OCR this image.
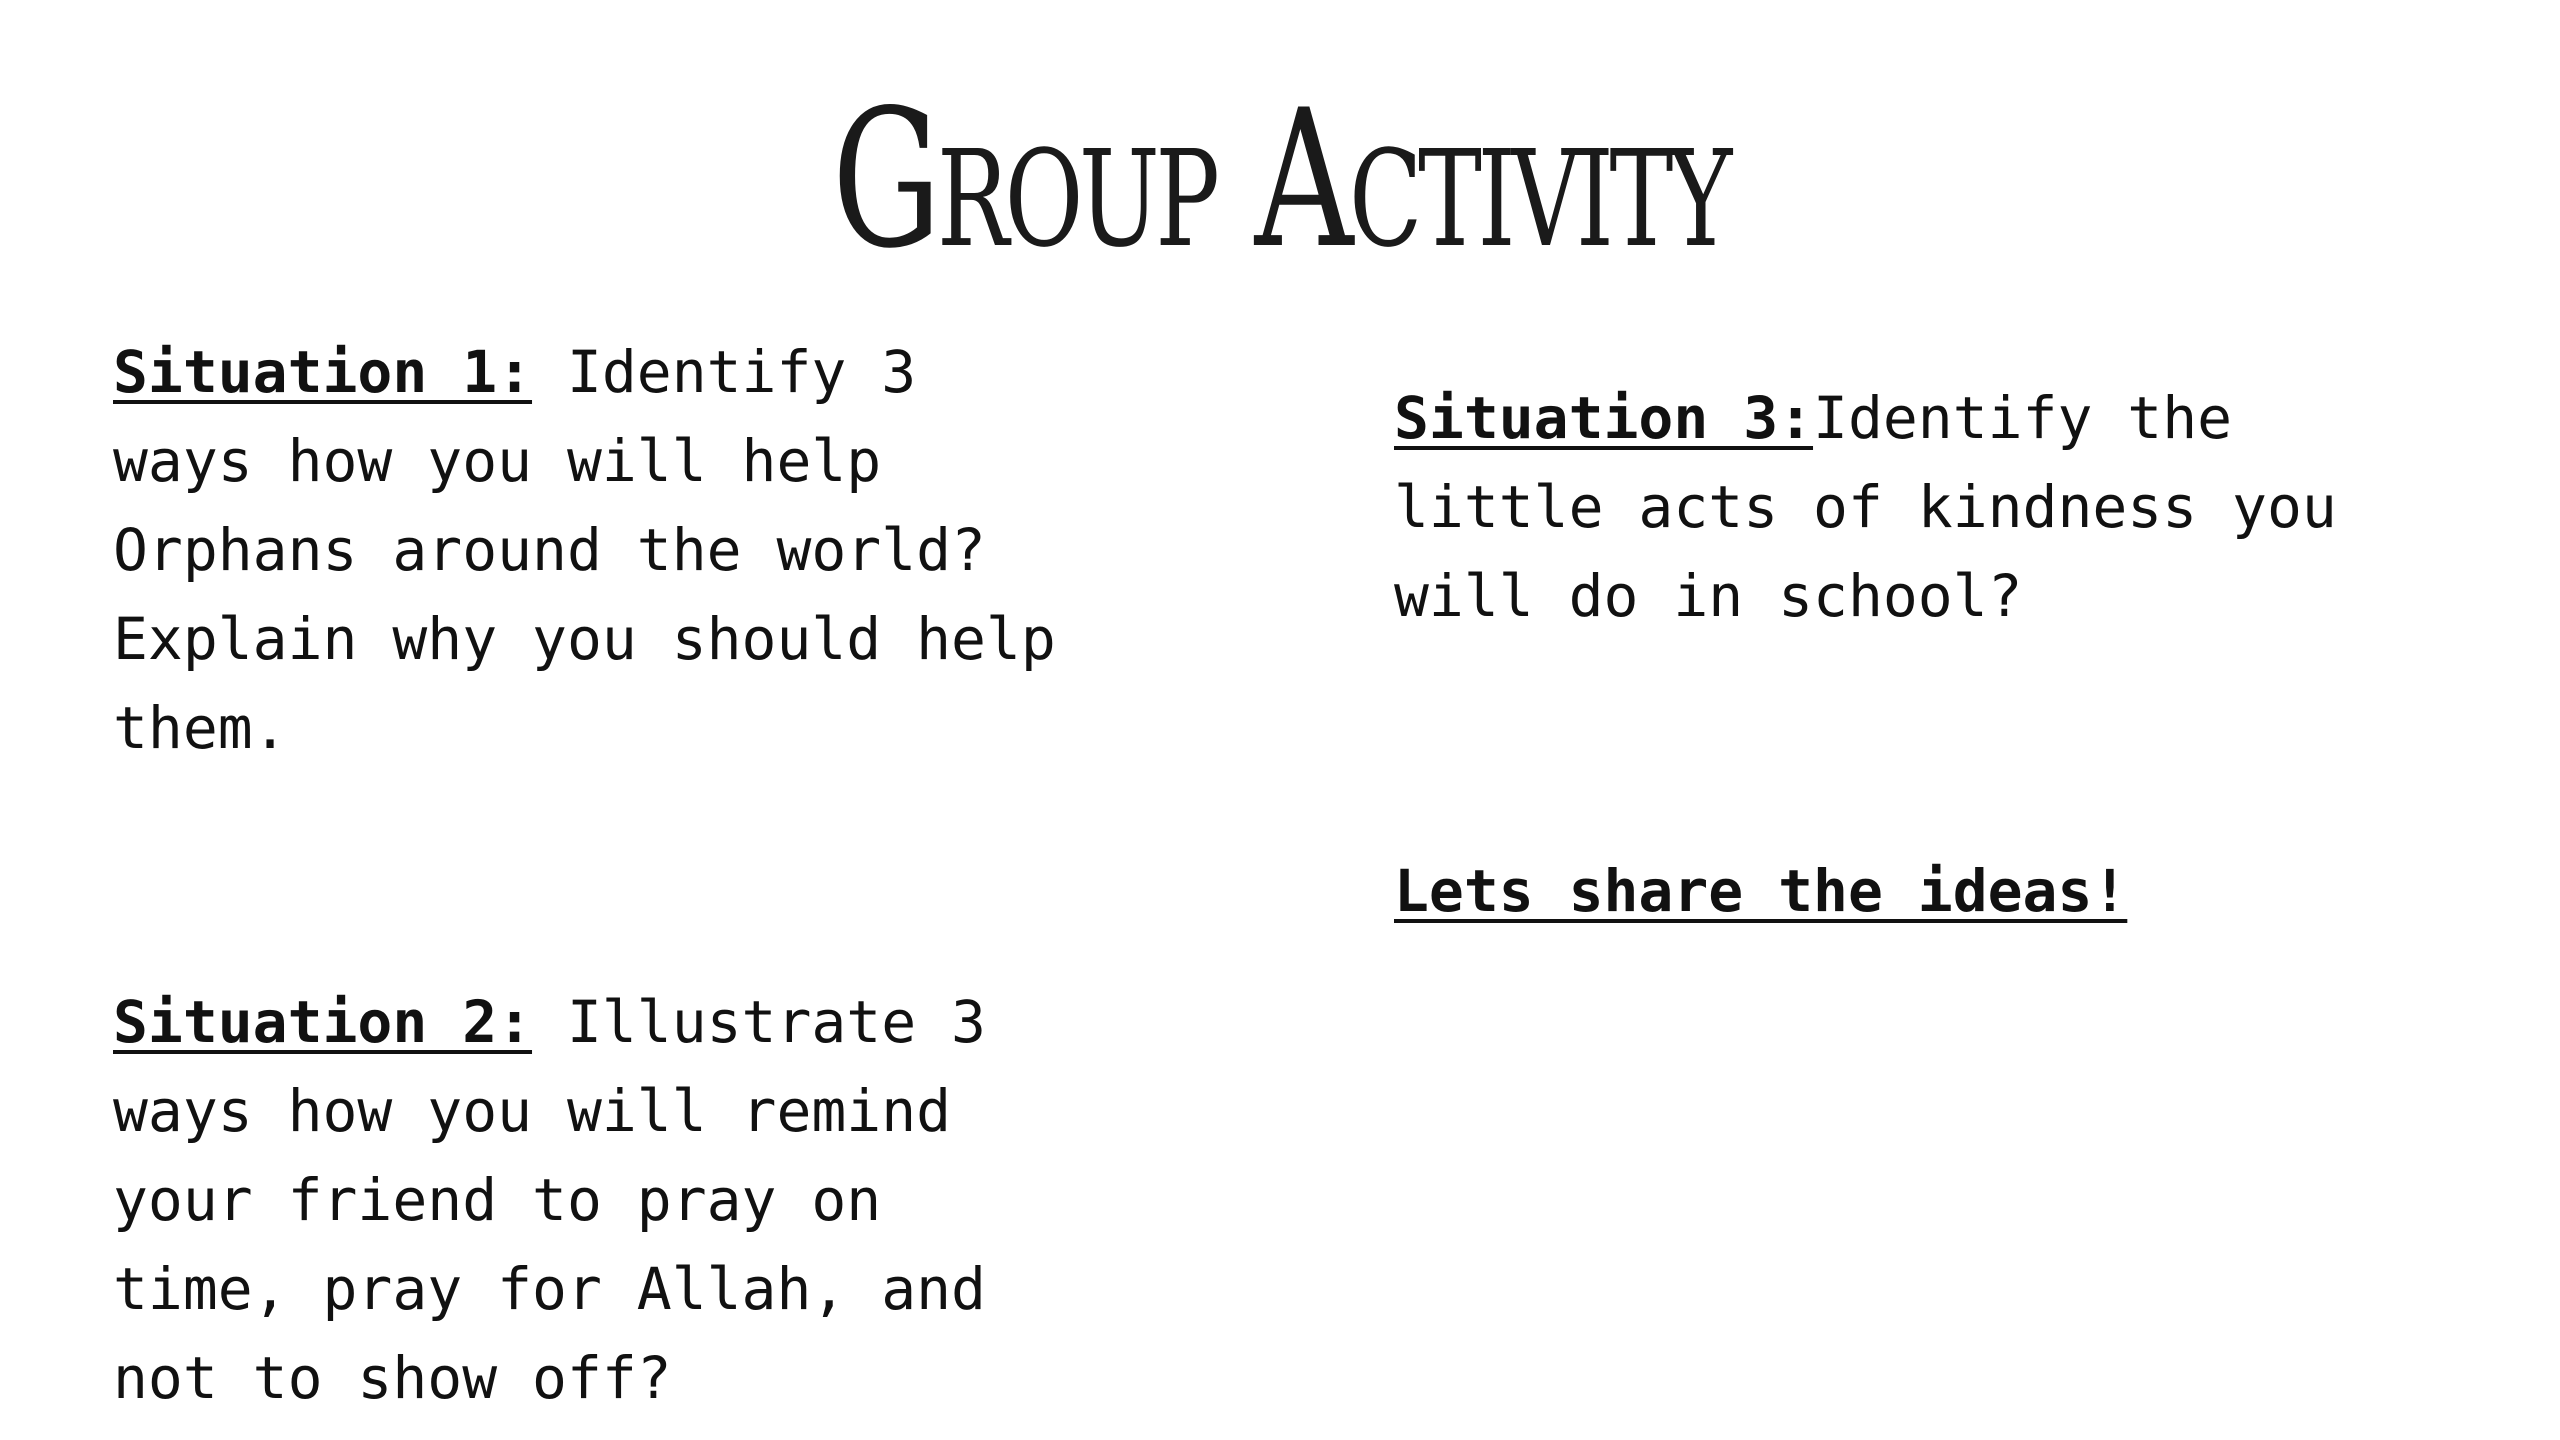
Group Activity
Situation 1: Identify 3
ways how you will help
Orphans around the world?
Explain why you should help
them.
Situation 2: Illustrate 3
ways how you will remind
your friend to pray on
time, pray for Allah, and
not to show off?
Situation 3:Identify the
little acts of kindness you
will do in school?
Lets share the ideas!
